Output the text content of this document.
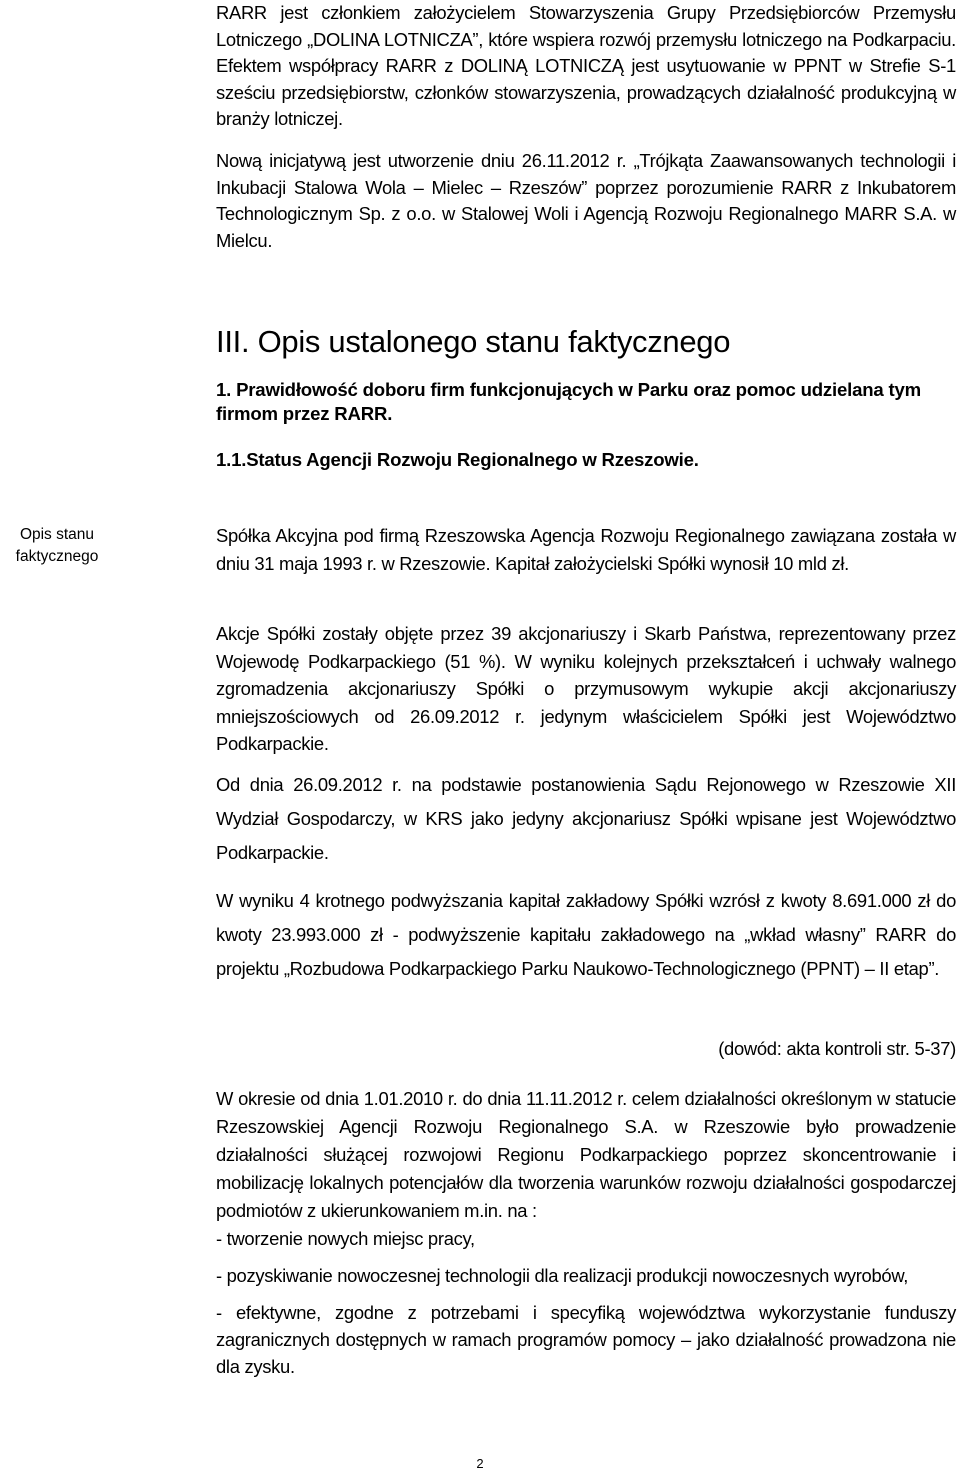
RARR jest członkiem założycielem Stowarzyszenia Grupy Przedsiębiorców Przemysłu Lotniczego „DOLINA LOTNICZA”, które wspiera rozwój przemysłu lotniczego na Podkarpaciu. Efektem współpracy RARR z DOLINĄ LOTNICZĄ jest usytuowanie w PPNT w Strefie S-1 sześciu przedsiębiorstw, członków stowarzyszenia, prowadzących działalność produkcyjną w branży lotniczej.

Nową inicjatywą jest utworzenie dniu 26.11.2012 r. „Trójkąta Zaawansowanych technologii i Inkubacji Stalowa Wola – Mielec – Rzeszów” poprzez porozumienie RARR z Inkubatorem Technologicznym Sp. z o.o. w Stalowej Woli i Agencją Rozwoju Regionalnego MARR S.A. w Mielcu.

III. Opis ustalonego stanu faktycznego
1. Prawidłowość doboru firm funkcjonujących w Parku oraz pomoc udzielana tym firmom przez RARR.
1.1.Status Agencji Rozwoju Regionalnego w Rzeszowie.

Opis stanu faktycznego

Spółka Akcyjna pod firmą Rzeszowska Agencja Rozwoju Regionalnego zawiązana została w dniu 31 maja 1993 r. w Rzeszowie. Kapitał założycielski Spółki wynosił 10 mld zł.

Akcje Spółki zostały objęte przez 39 akcjonariuszy i Skarb Państwa, reprezentowany przez Wojewodę Podkarpackiego (51 %). W wyniku kolejnych przekształceń i uchwały walnego zgromadzenia akcjonariuszy Spółki o przymusowym wykupie akcji akcjonariuszy mniejszościowych od 26.09.2012 r. jedynym właścicielem Spółki jest Województwo Podkarpackie.

Od dnia 26.09.2012 r. na podstawie postanowienia Sądu Rejonowego w Rzeszowie XII Wydział Gospodarczy, w KRS jako jedyny akcjonariusz Spółki wpisane jest Województwo Podkarpackie.

W wyniku 4 krotnego podwyższania kapitał zakładowy Spółki wzrósł z kwoty 8.691.000 zł do kwoty 23.993.000 zł - podwyższenie kapitału zakładowego na „wkład własny” RARR do projektu „Rozbudowa Podkarpackiego Parku Naukowo-Technologicznego (PPNT) – II etap”.

(dowód: akta kontroli str. 5-37)

W okresie od dnia 1.01.2010 r. do dnia 11.11.2012 r. celem działalności określonym w statucie Rzeszowskiej Agencji Rozwoju Regionalnego S.A. w Rzeszowie było prowadzenie działalności służącej rozwojowi Regionu Podkarpackiego poprzez skoncentrowanie i mobilizację lokalnych potencjałów dla tworzenia warunków rozwoju działalności gospodarczej podmiotów z ukierunkowaniem m.in. na :

- tworzenie nowych miejsc pracy,
- pozyskiwanie nowoczesnej technologii dla realizacji produkcji nowoczesnych wyrobów,
- efektywne, zgodne z potrzebami i specyfiką województwa wykorzystanie funduszy zagranicznych dostępnych w ramach programów pomocy – jako działalność prowadzona nie dla zysku.

2
